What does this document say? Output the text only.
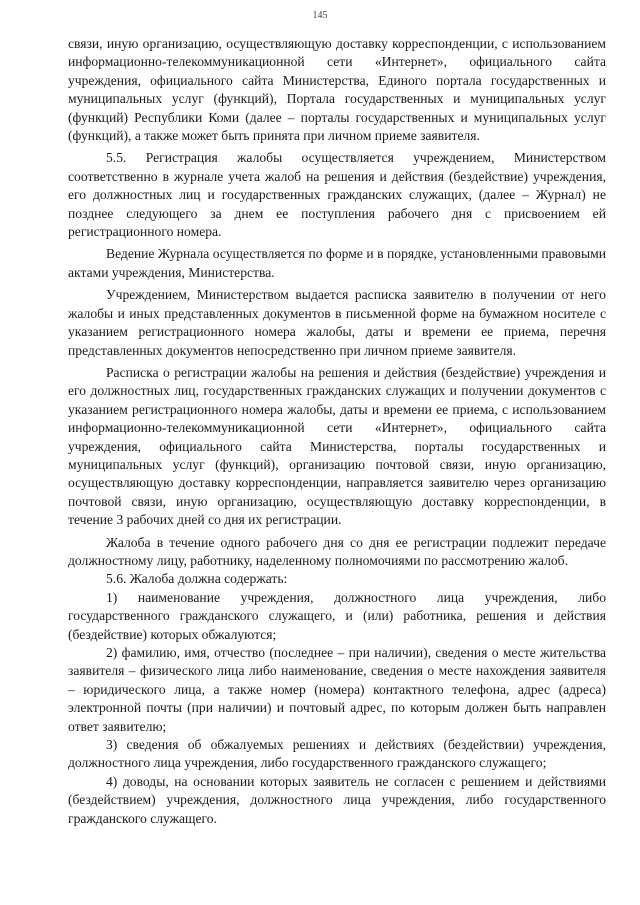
145

связи, иную организацию, осуществляющую доставку корреспонденции, с использованием информационно-телекоммуникационной сети «Интернет», официального сайта учреждения, официального сайта Министерства, Единого портала государственных и муниципальных услуг (функций), Портала государственных и муниципальных услуг (функций) Республики Коми (далее – порталы государственных и муниципальных услуг (функций), а также может быть принята при личном приеме заявителя.

5.5. Регистрация жалобы осуществляется учреждением, Министерством соответственно в журнале учета жалоб на решения и действия (бездействие) учреждения, его должностных лиц и государственных гражданских служащих, (далее – Журнал) не позднее следующего за днем ее поступления рабочего дня с присвоением ей регистрационного номера.

Ведение Журнала осуществляется по форме и в порядке, установленными правовыми актами учреждения, Министерства.

Учреждением, Министерством выдается расписка заявителю в получении от него жалобы и иных представленных документов в письменной форме на бумажном носителе с указанием регистрационного номера жалобы, даты и времени ее приема, перечня представленных документов непосредственно при личном приеме заявителя.

Расписка о регистрации жалобы на решения и действия (бездействие) учреждения и его должностных лиц, государственных гражданских служащих и получении документов с указанием регистрационного номера жалобы, даты и времени ее приема, с использованием информационно-телекоммуникационной сети «Интернет», официального сайта учреждения, официального сайта Министерства, порталы государственных и муниципальных услуг (функций), организацию почтовой связи, иную организацию, осуществляющую доставку корреспонденции, направляется заявителю через организацию почтовой связи, иную организацию, осуществляющую доставку корреспонденции, в течение 3 рабочих дней со дня их регистрации.

Жалоба в течение одного рабочего дня со дня ее регистрации подлежит передаче должностному лицу, работнику, наделенному полномочиями по рассмотрению жалоб.

5.6. Жалоба должна содержать:

1) наименование учреждения, должностного лица учреждения, либо государственного гражданского служащего, и (или) работника, решения и действия (бездействие) которых обжалуются;

2) фамилию, имя, отчество (последнее – при наличии), сведения о месте жительства заявителя – физического лица либо наименование, сведения о месте нахождения заявителя – юридического лица, а также номер (номера) контактного телефона, адрес (адреса) электронной почты (при наличии) и почтовый адрес, по которым должен быть направлен ответ заявителю;

3) сведения об обжалуемых решениях и действиях (бездействии) учреждения, должностного лица учреждения, либо государственного гражданского служащего;

4) доводы, на основании которых заявитель не согласен с решением и действиями (бездействием) учреждения, должностного лица учреждения, либо государственного гражданского служащего.
